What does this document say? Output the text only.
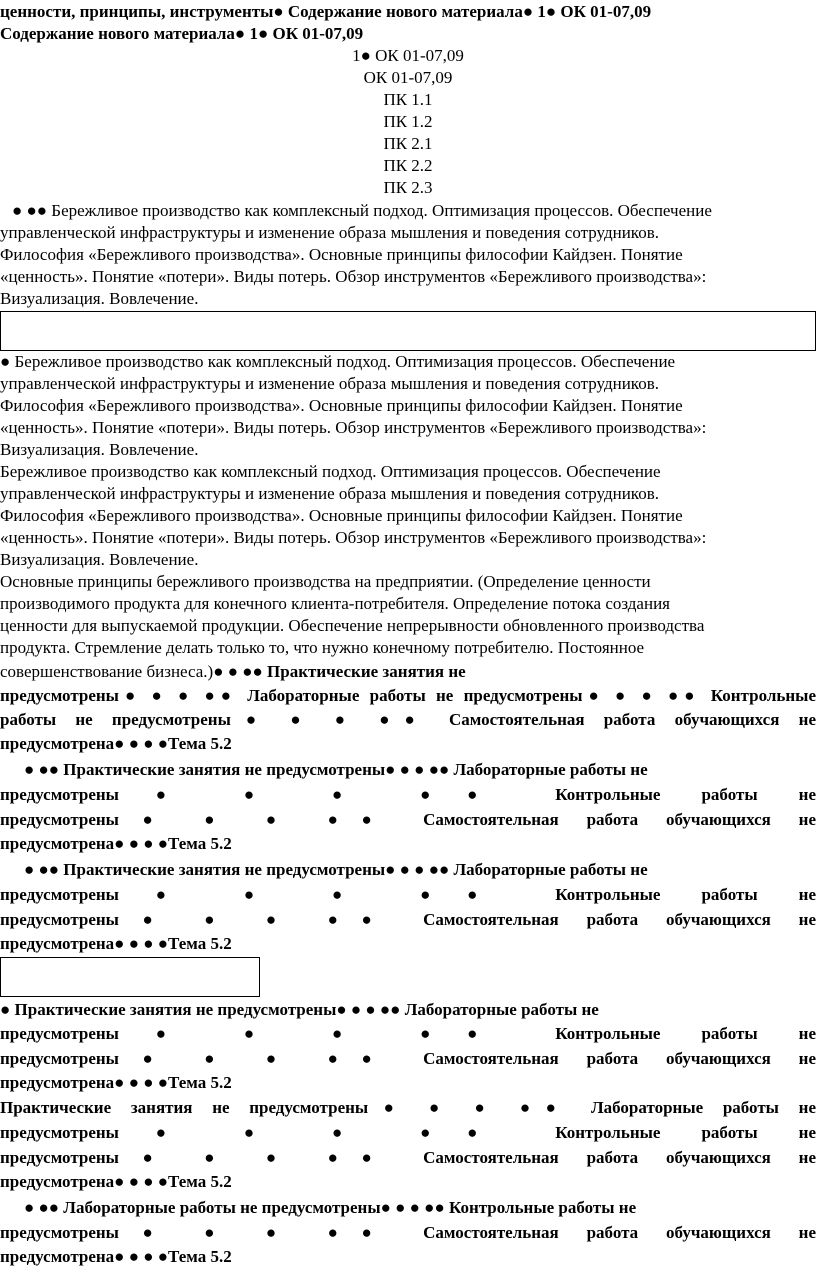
ценности, принципы, инструменты● Содержание нового материала● 1● ОК 01-07,09

Содержание нового материала● 1● ОК 01-07,09

1● ОК 01-07,09

ОК 01-07,09

ПК 1.1

ПК 1.2

ПК 2.1

ПК 2.2

ПК 2.3

● ●● Бережливое производство как комплексный подход. Оптимизация процессов. Обеспечение

управленческой инфраструктуры и изменение образа мышления и поведения сотрудников.

Философия «Бережливого производства». Основные принципы философии Кайдзен. Понятие

«ценность». Понятие «потери». Виды потерь. Обзор инструментов «Бережливого производства»:

Визуализация. Вовлечение.

● Бережливое производство как комплексный подход. Оптимизация процессов. Обеспечение

управленческой инфраструктуры и изменение образа мышления и поведения сотрудников.

Философия «Бережливого производства». Основные принципы философии Кайдзен. Понятие

«ценность». Понятие «потери». Виды потерь. Обзор инструментов «Бережливого производства»:

Визуализация. Вовлечение.

Бережливое производство как комплексный подход. Оптимизация процессов. Обеспечение

управленческой инфраструктуры и изменение образа мышления и поведения сотрудников.

Философия «Бережливого производства». Основные принципы философии Кайдзен. Понятие

«ценность». Понятие «потери». Виды потерь. Обзор инструментов «Бережливого производства»:

Визуализация. Вовлечение.

Основные принципы бережливого производства на предприятии. (Определение ценности

производимого продукта для конечного клиента-потребителя. Определение потока создания

ценности для выпускаемой продукции. Обеспечение непрерывности обновленного производства

продукта. Стремление делать только то, что нужно конечному потребителю. Постоянное

совершенствование бизнеса.)● ● ●● Практические занятия не

предусмотрены● ● ● ●● Лабораторные работы не предусмотрены● ● ● ●● Контрольные

работы не предусмотрены● ● ● ●● Самостоятельная работа обучающихся не

предусмотрена● ● ● ●Тема 5.2

● ●● Практические занятия не предусмотрены● ● ● ●● Лабораторные работы не

предусмотрены● ● ● ●● Контрольные работы не

предусмотрены● ● ● ●● Самостоятельная работа обучающихся не

предусмотрена● ● ● ●Тема 5.2

● ●● Практические занятия не предусмотрены● ● ● ●● Лабораторные работы не

предусмотрены● ● ● ●● Контрольные работы не

предусмотрены● ● ● ●● Самостоятельная работа обучающихся не

предусмотрена● ● ● ●Тема 5.2

● Практические занятия не предусмотрены● ● ● ●● Лабораторные работы не

предусмотрены● ● ● ●● Контрольные работы не

предусмотрены● ● ● ●● Самостоятельная работа обучающихся не

предусмотрена● ● ● ●Тема 5.2

Практические занятия не предусмотрены● ● ● ●● Лабораторные работы не

предусмотрены● ● ● ●● Контрольные работы не

предусмотрены● ● ● ●● Самостоятельная работа обучающихся не

предусмотрена● ● ● ●Тема 5.2

● ●● Лабораторные работы не предусмотрены● ● ● ●● Контрольные работы не

предусмотрены● ● ● ●● Самостоятельная работа обучающихся не

предусмотрена● ● ● ●Тема 5.2
